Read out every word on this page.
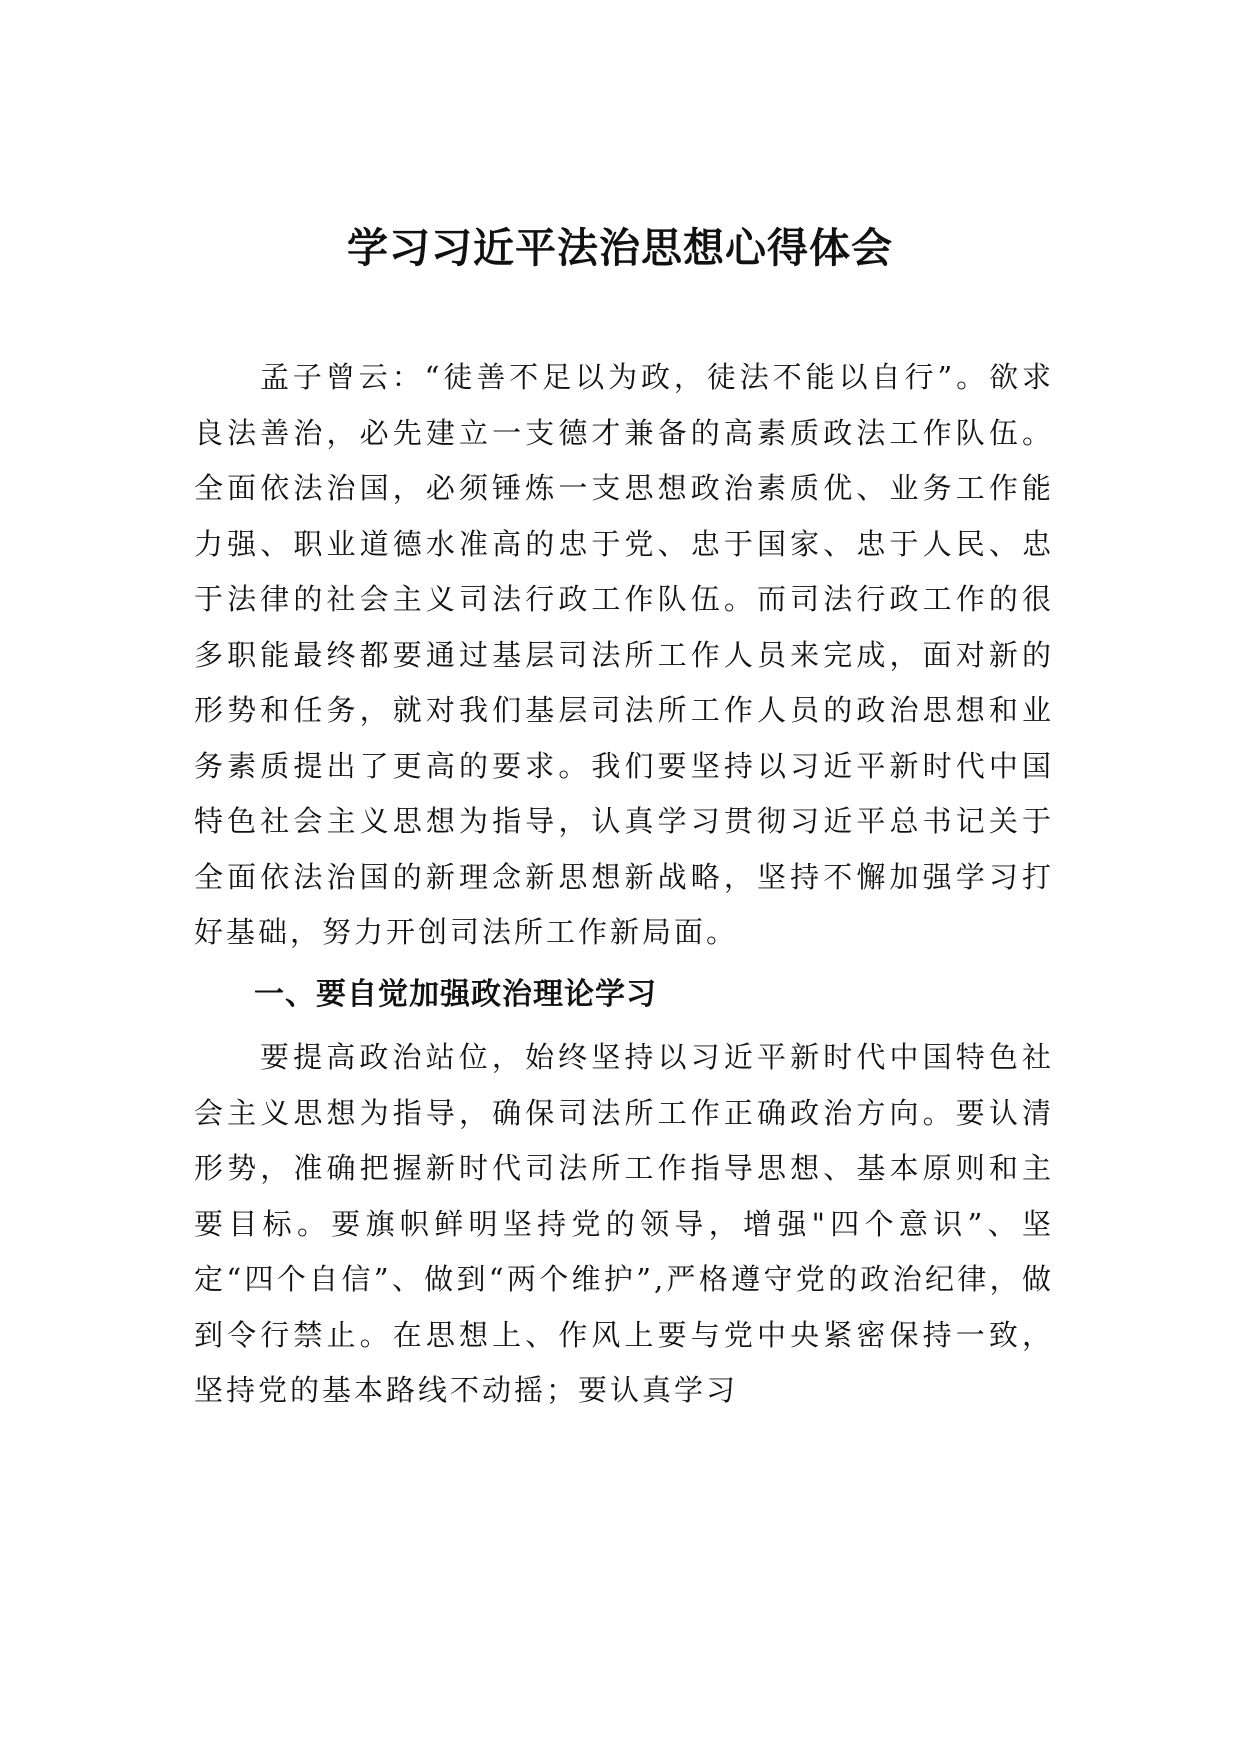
学习习近平法治思想心得体会

孟子曾云：“徒善不足以为政，徒法不能以自行”。欲求良法善治，必先建立一支德才兼备的高素质政法工作队伍。全面依法治国，必须锤炼一支思想政治素质优、业务工作能力强、职业道德水准高的忠于党、忠于国家、忠于人民、忠于法律的社会主义司法行政工作队伍。而司法行政工作的很多职能最终都要通过基层司法所工作人员来完成，面对新的形势和任务，就对我们基层司法所工作人员的政治思想和业务素质提出了更高的要求。我们要坚持以习近平新时代中国特色社会主义思想为指导，认真学习贯彻习近平总书记关于全面依法治国的新理念新思想新战略，坚持不懈加强学习打好基础，努力开创司法所工作新局面。

一、要自觉加强政治理论学习

要提高政治站位，始终坚持以习近平新时代中国特色社会主义思想为指导，确保司法所工作正确政治方向。要认清形势，准确把握新时代司法所工作指导思想、基本原则和主要目标。要旗帜鲜明坚持党的领导，增强"四个意识”、坚定“四个自信”、做到“两个维护”,严格遵守党的政治纪律，做到令行禁止。在思想上、作风上要与党中央紧密保持一致，坚持党的基本路线不动摇；要认真学习
